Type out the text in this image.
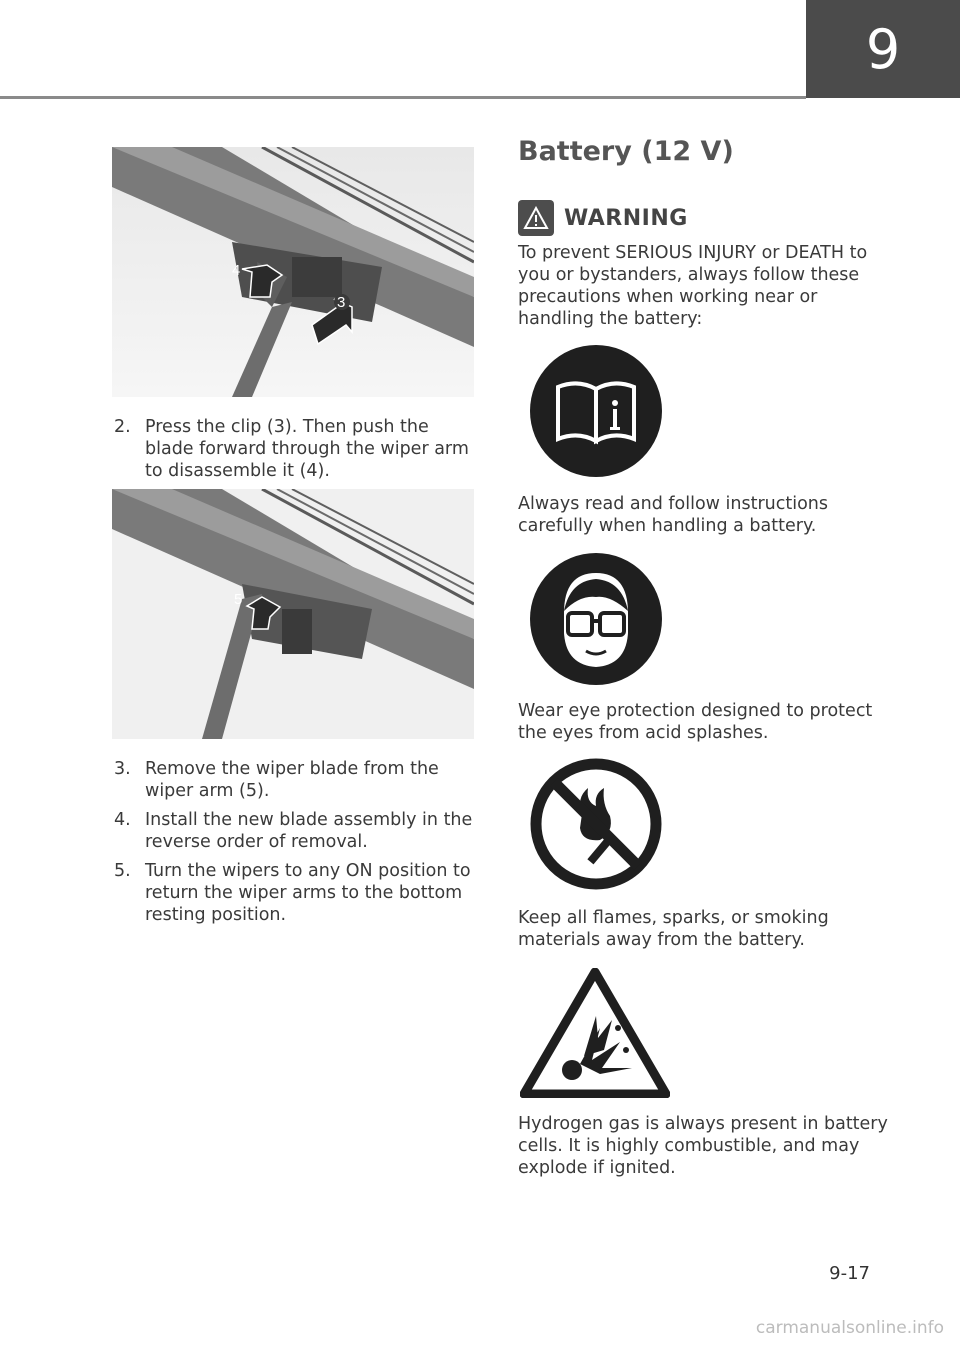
9
4
3
2. Press the clip (3). Then push the blade forward through the wiper arm to disassemble it (4).
5
3. Remove the wiper blade from the wiper arm (5).
4. Install the new blade assembly in the reverse order of removal.
5. Turn the wipers to any ON position to return the wiper arms to the bottom resting position.
Battery (12 V)
WARNING

To prevent SERIOUS INJURY or DEATH to you or bystanders, always follow these precautions when working near or handling the battery:

Always read and follow instructions carefully when handling a battery.

Wear eye protection designed to protect the eyes from acid splashes.

Keep all flames, sparks, or smoking materials away from the battery.

Hydrogen gas is always present in battery cells. It is highly combustible, and may explode if ignited.

9-17
carmanualsonline.info
